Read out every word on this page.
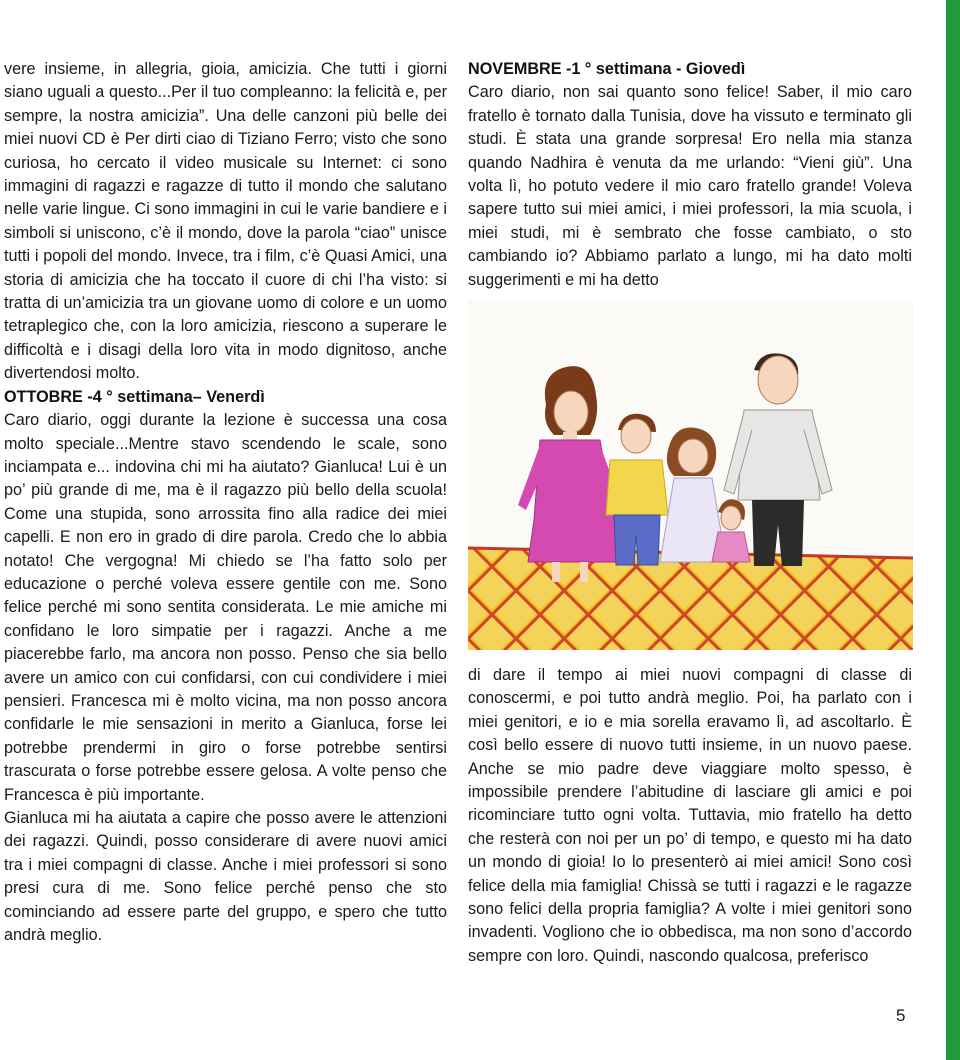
vere insieme, in allegria, gioia, amicizia. Che tutti i giorni siano uguali a questo...Per il tuo compleanno: la felicità e, per sempre, la nostra amicizia”. Una delle canzoni più belle dei miei nuovi CD è Per dirti ciao di Tiziano Ferro; visto che sono curiosa, ho cercato il video musicale su Internet: ci sono immagini di ragazzi e ragazze di tutto il mondo che salutano nelle varie lingue. Ci sono immagini in cui le varie bandiere e i simboli si uniscono, c’è il mondo, dove la parola “ciao” unisce tutti i popoli del mondo. Invece, tra i film, c’è Quasi Amici, una storia di amicizia che ha toccato il cuore di chi l’ha visto: si tratta di un’amicizia tra un giovane uomo di colore e un uomo tetraplegico che, con la loro amicizia, riescono a superare le difficoltà e i disagi della loro vita in modo dignitoso, anche divertendosi molto.

OTTOBRE -4 ° settimana– Venerdì

Caro diario, oggi durante la lezione è successa una cosa molto speciale...Mentre stavo scendendo le scale, sono inciampata e... indovina chi mi ha aiutato? Gianluca! Lui è un po’ più grande di me, ma è il ragazzo più bello della scuola! Come una stupida, sono arrossita fino alla radice dei miei capelli. E non ero in grado di dire parola. Credo che lo abbia notato! Che vergogna! Mi chiedo se l’ha fatto solo per educazione o perché voleva essere gentile con me. Sono felice perché mi sono sentita considerata. Le mie amiche mi confidano le loro simpatie per i ragazzi. Anche a me piacerebbe farlo, ma ancora non posso. Penso che sia bello avere un amico con cui confidarsi, con cui condividere i miei pensieri. Francesca mi è molto vicina, ma non posso ancora confidarle le mie sensazioni in merito a Gianluca, forse lei potrebbe prendermi in giro o forse potrebbe sentirsi trascurata o forse potrebbe essere gelosa. A volte penso che Francesca è più importante.

Gianluca mi ha aiutata a capire che posso avere le attenzioni dei ragazzi. Quindi, posso considerare di avere nuovi amici tra i miei compagni di classe. Anche i miei professori si sono presi cura di me. Sono felice perché penso che sto cominciando ad essere parte del gruppo, e spero che tutto andrà meglio.

NOVEMBRE -1 ° settimana - Giovedì

Caro diario, non sai quanto sono felice! Saber, il mio caro fratello è tornato dalla Tunisia, dove ha vissuto e terminato gli studi. È stata una grande sorpresa! Ero nella mia stanza quando Nadhira è venuta da me urlando: “Vieni giù”. Una volta lì, ho potuto vedere il mio caro fratello grande! Voleva sapere tutto sui miei amici, i miei professori, la mia scuola, i miei studi, mi è sembrato che fosse cambiato, o sto cambiando io? Abbiamo parlato a lungo, mi ha dato molti suggerimenti e mi ha detto

di dare il tempo ai miei nuovi compagni di classe di conoscermi, e poi tutto andrà meglio. Poi, ha parlato con i miei genitori, e io e mia sorella eravamo lì, ad ascoltarlo. È così bello essere di nuovo tutti insieme, in un nuovo paese. Anche se mio padre deve viaggiare molto spesso, è impossibile prendere l’abitudine di lasciare gli amici e poi ricominciare tutto ogni volta. Tuttavia, mio fratello ha detto che resterà con noi per un po’ di tempo, e questo mi ha dato un mondo di gioia! Io lo presenterò ai miei amici! Sono così felice della mia famiglia! Chissà se tutti i ragazzi e le ragazze sono felici della propria famiglia? A volte i miei genitori sono invadenti. Vogliono che io obbedisca, ma non sono d’accordo sempre con loro. Quindi, nascondo qualcosa, preferisco

5
